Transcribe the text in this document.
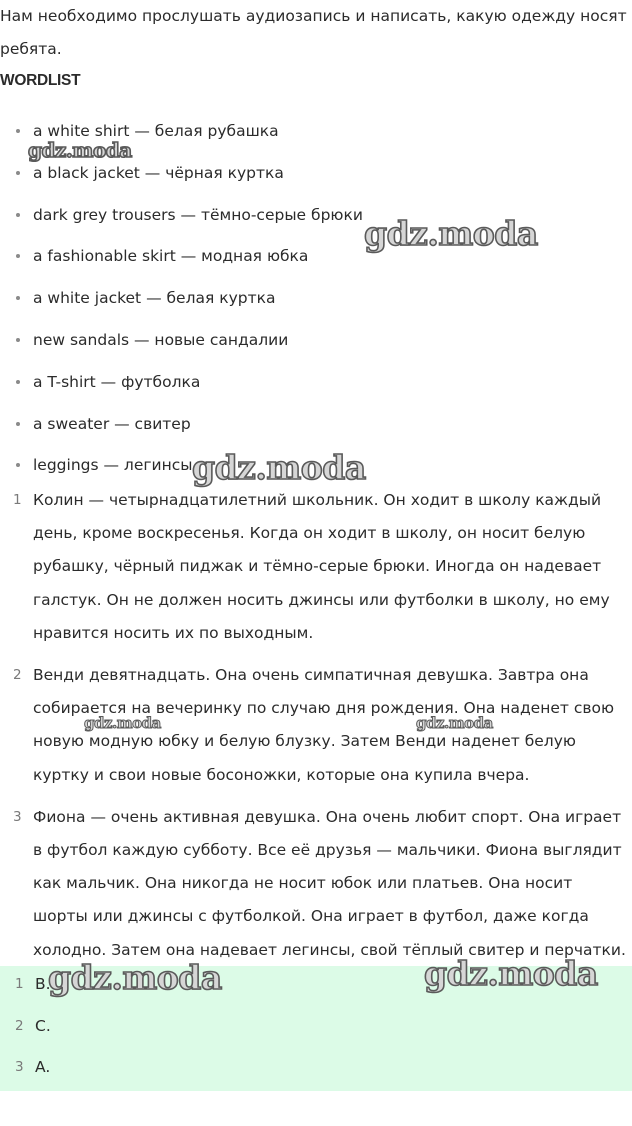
Нам необходимо прослушать аудиозапись и написать, какую одежду носят ребята.

WORDLIST
a white shirt — белая рубашка
a black jacket — чёрная куртка
dark grey trousers — тёмно-серые брюки
a fashionable skirt — модная юбка
a white jacket — белая куртка
new sandals — новые сандалии
a T-shirt — футболка
a sweater — свитер
leggings — легинсы
1 Колин — четырнадцатилетний школьник. Он ходит в школу каждый день, кроме воскресенья. Когда он ходит в школу, он носит белую рубашку, чёрный пиджак и тёмно-серые брюки. Иногда он надевает галстук. Он не должен носить джинсы или футболки в школу, но ему нравится носить их по выходным.
2 Венди девятнадцать. Она очень симпатичная девушка. Завтра она собирается на вечеринку по случаю дня рождения. Она наденет свою новую модную юбку и белую блузку. Затем Венди наденет белую куртку и свои новые босоножки, которые она купила вчера.
3 Фиона — очень активная девушка. Она очень любит спорт. Она играет в футбол каждую субботу. Все её друзья — мальчики. Фиона выглядит как мальчик. Она никогда не носит юбок или платьев. Она носит шорты или джинсы с футболкой. Она играет в футбол, даже когда холодно. Затем она надевает легинсы, свой тёплый свитер и перчатки.
1 B.
2 C.
3 A.
gdz.moda
gdz.moda
gdz.moda
gdz.moda	gdz.moda
gdz.moda	gdz.moda
